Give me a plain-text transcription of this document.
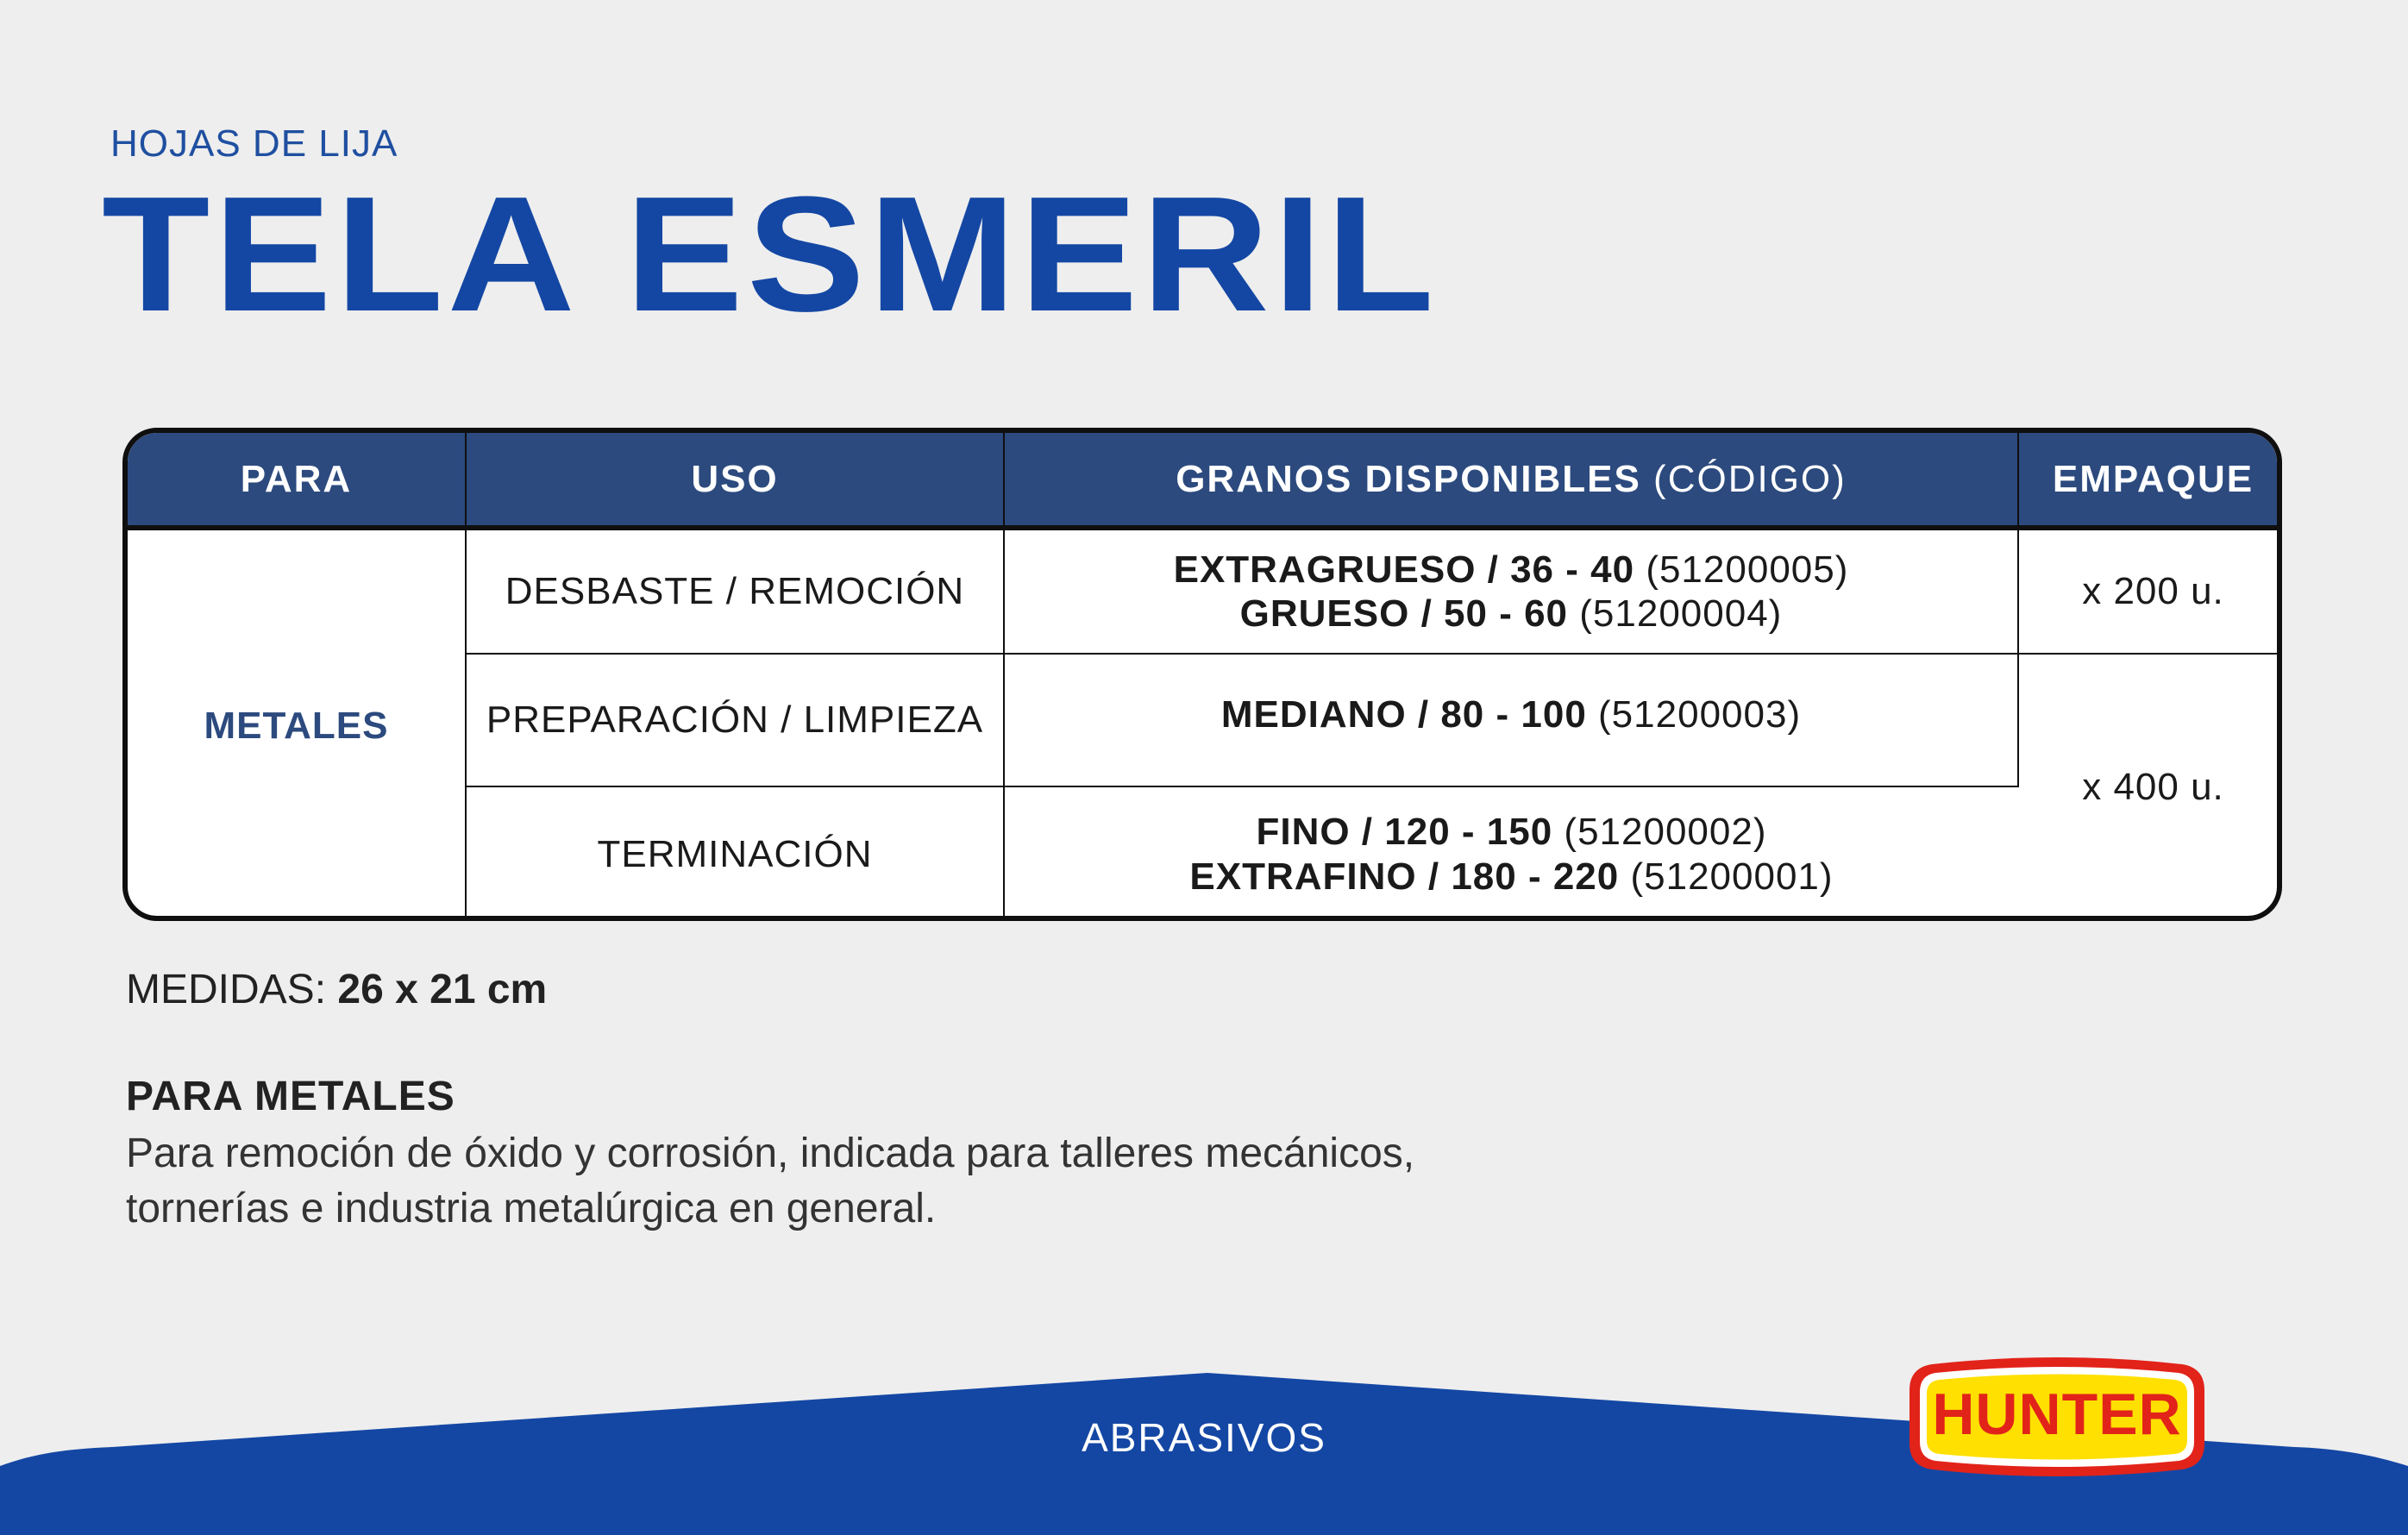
HOJAS DE LIJA
TELA ESMERIL
PARA	USO	GRANOS DISPONIBLES (CÓDIGO)	EMPAQUE
METALES	DESBASTE / REMOCIÓN	EXTRAGRUESO / 36 - 40 (51200005)
GRUESO / 50 - 60 (51200004)	x 200 u.
	PREPARACIÓN / LIMPIEZA	MEDIANO / 80 - 100 (51200003)	x 400 u.
	TERMINACIÓN	FINO / 120 - 150 (51200002)
EXTRAFINO / 180 - 220 (51200001)	
MEDIDAS: 26 x 21 cm
PARA METALES
Para remoción de óxido y corrosión, indicada para talleres mecánicos,
tornerías e industria metalúrgica en general.
ABRASIVOS	HUNTER
